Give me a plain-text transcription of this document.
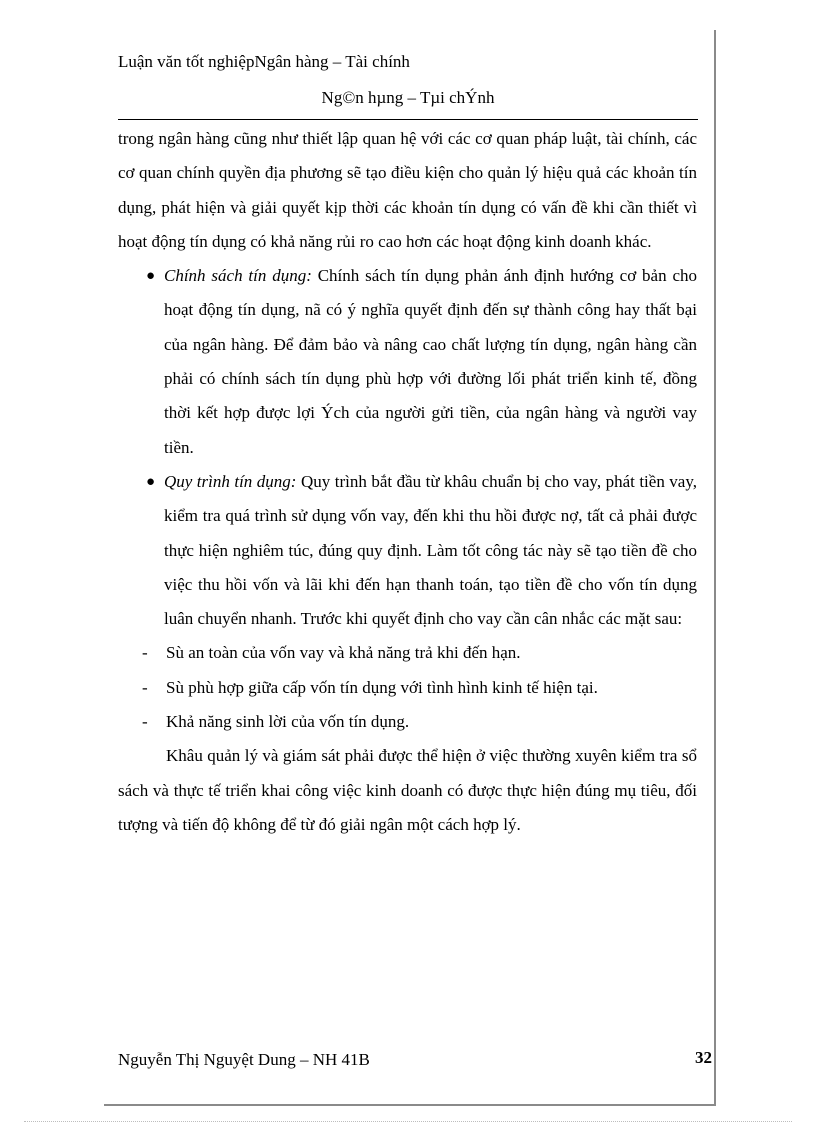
Luận văn tốt nghiệpNgân hàng – Tài chính
Ng©n hµng – Tµi chÝnh

trong ngân hàng cũng như thiết lập quan hệ với các cơ quan pháp luật, tài chính, các cơ quan chính quyền địa phương sẽ tạo điều kiện cho quản lý hiệu quả các khoản tín dụng, phát hiện và giải quyết kịp thời các khoản tín dụng có vấn đề khi cần thiết vì hoạt động tín dụng có khả năng rủi ro cao hơn các hoạt động kinh doanh khác.

● Chính sách tín dụng: Chính sách tín dụng phản ánh định hướng cơ bản cho hoạt động tín dụng, nã có ý nghĩa quyết định đến sự thành công hay thất bại của ngân hàng. Để đảm bảo và nâng cao chất lượng tín dụng, ngân hàng cần phải có chính sách tín dụng phù hợp với đường lối phát triển kinh tế, đồng thời kết hợp được lợi Ých của người gửi tiền, của ngân hàng và người vay tiền.
● Quy trình tín dụng: Quy trình bắt đầu từ khâu chuẩn bị cho vay, phát tiền vay, kiểm tra quá trình sử dụng vốn vay, đến khi thu hồi được nợ, tất cả phải được thực hiện nghiêm túc, đúng quy định. Làm tốt công tác này sẽ tạo tiền đề cho việc thu hồi vốn và lãi khi đến hạn thanh toán, tạo tiền đề cho vốn tín dụng luân chuyển nhanh. Trước khi quyết định cho vay cần cân nhắc các mặt sau:
- Sù an toàn của vốn vay và khả năng trả khi đến hạn.
- Sù phù hợp giữa cấp vốn tín dụng với tình hình kinh tế hiện tại.
- Khả năng sinh lời của vốn tín dụng.

Khâu quản lý và giám sát phải được thể hiện ở việc thường xuyên kiểm tra sổ sách và thực tế triển khai công việc kinh doanh có được thực hiện đúng mụ tiêu, đối tượng và tiến độ không để từ đó giải ngân một cách hợp lý.

Nguyễn Thị Nguyệt Dung – NH 41B	32
